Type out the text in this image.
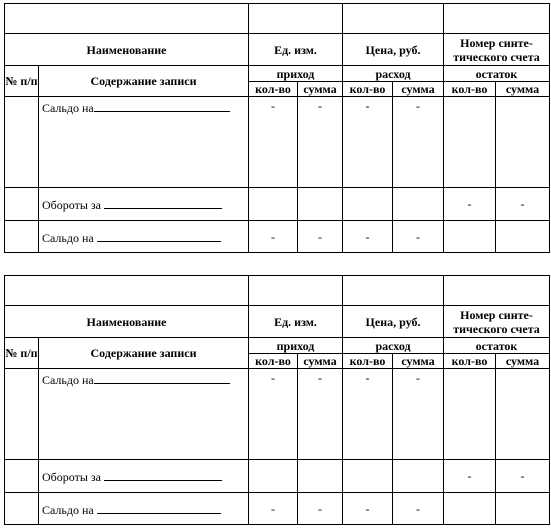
Наименование		Ед. изм.		Цена, руб.		Номер синте-тического счета	
№ п/п	Содержание записи	приход		расход		остаток	
		кол-во	сумма	кол-во	сумма	кол-во	сумма
	Сальдо на	-	-	-	-		
	Обороты за					-	-
	Сальдо на	-	-	-	-		

Наименование		Ед. изм.		Цена, руб.		Номер синте-тического счета	
№ п/п	Содержание записи	приход		расход		остаток	
		кол-во	сумма	кол-во	сумма	кол-во	сумма
	Сальдо на	-	-	-	-		
	Обороты за					-	-
	Сальдо на	-	-	-	-		
